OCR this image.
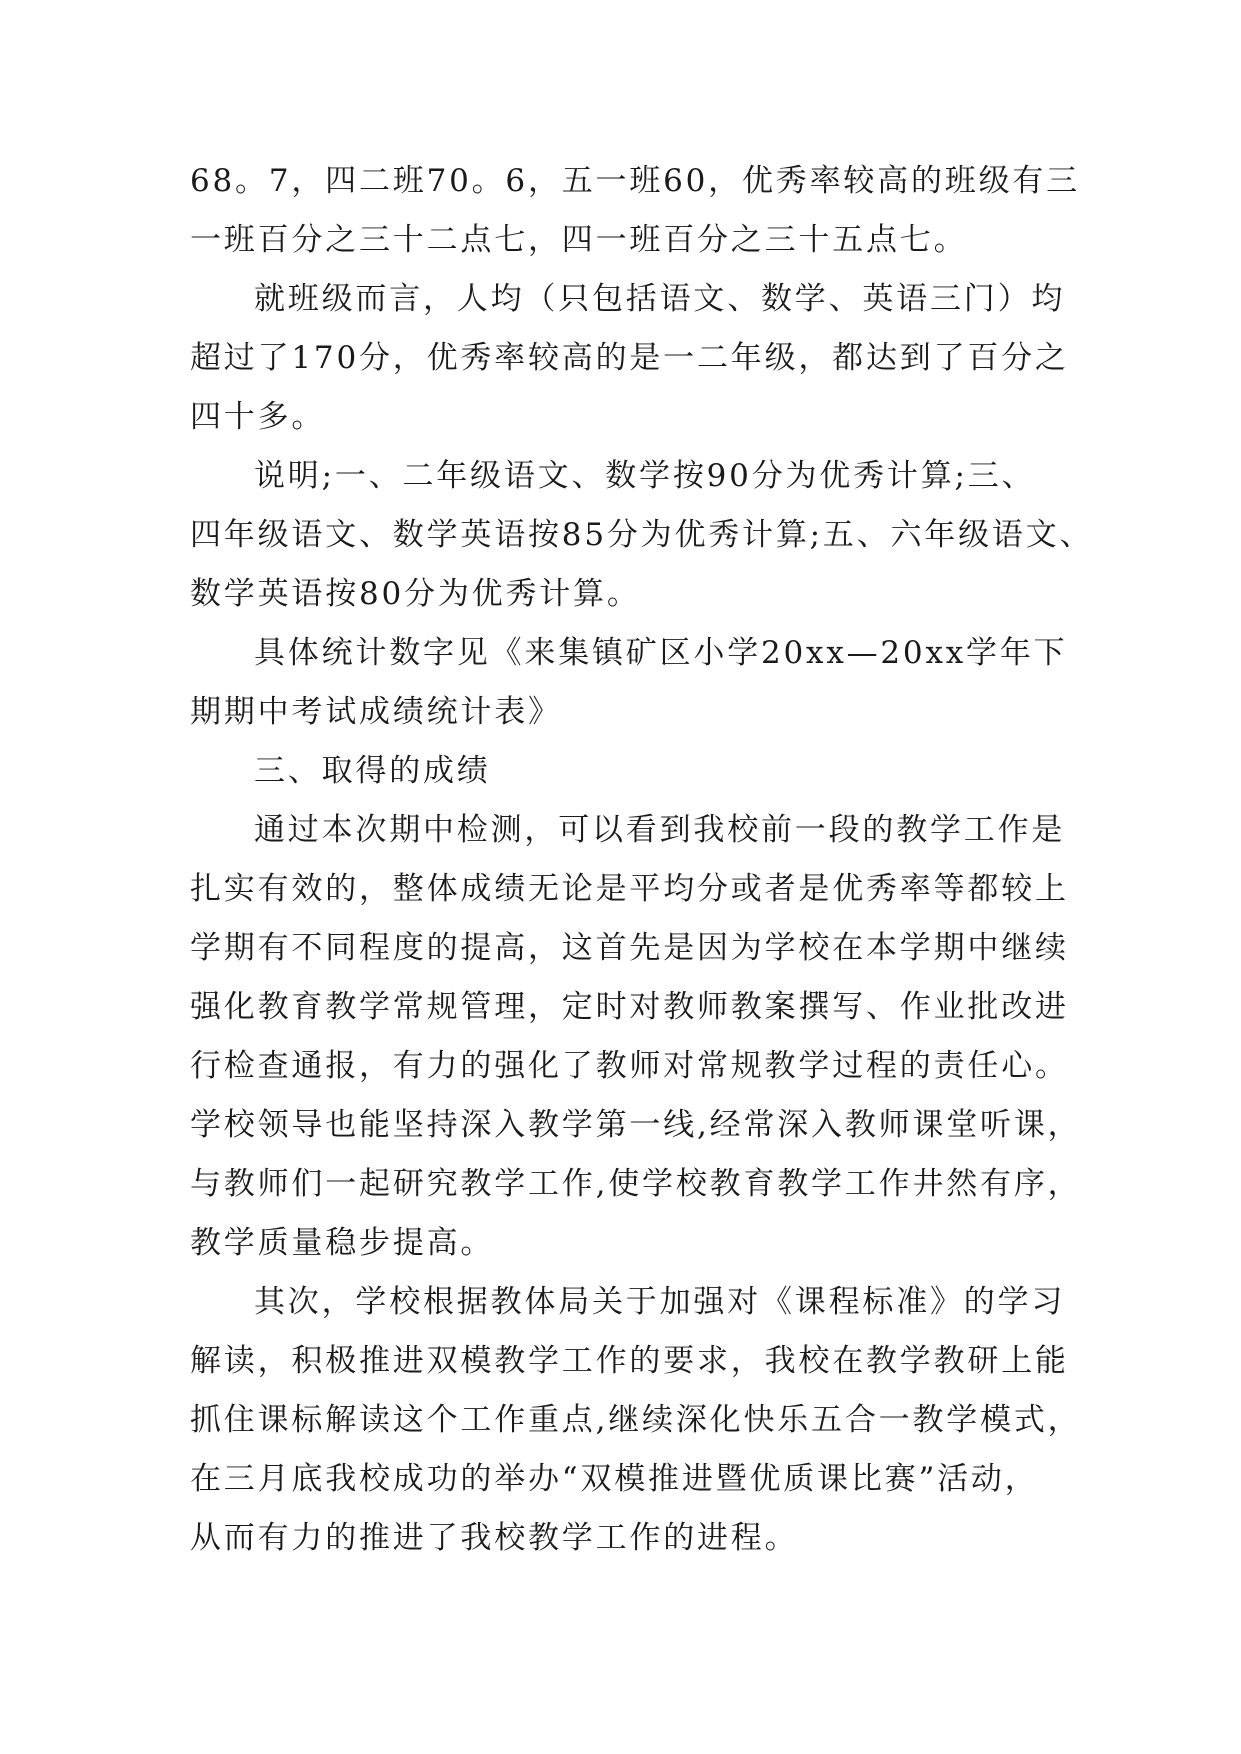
68。7，四二班70。6，五一班60，优秀率较高的班级有三
一班百分之三十二点七，四一班百分之三十五点七。
就班级而言，人均（只包括语文、数学、英语三门）均
超过了170分，优秀率较高的是一二年级，都达到了百分之
四十多。
说明;一、二年级语文、数学按90分为优秀计算;三、
四年级语文、数学英语按85分为优秀计算;五、六年级语文、
数学英语按80分为优秀计算。
具体统计数字见《来集镇矿区小学20xx—20xx学年下
期期中考试成绩统计表》
三、取得的成绩
通过本次期中检测，可以看到我校前一段的教学工作是
扎实有效的，整体成绩无论是平均分或者是优秀率等都较上
学期有不同程度的提高，这首先是因为学校在本学期中继续
强化教育教学常规管理，定时对教师教案撰写、作业批改进
行检查通报，有力的强化了教师对常规教学过程的责任心。
学校领导也能坚持深入教学第一线,经常深入教师课堂听课，
与教师们一起研究教学工作,使学校教育教学工作井然有序，
教学质量稳步提高。
其次，学校根据教体局关于加强对《课程标准》的学习
解读，积极推进双模教学工作的要求，我校在教学教研上能
抓住课标解读这个工作重点,继续深化快乐五合一教学模式，
在三月底我校成功的举办“双模推进暨优质课比赛”活动，
从而有力的推进了我校教学工作的进程。
